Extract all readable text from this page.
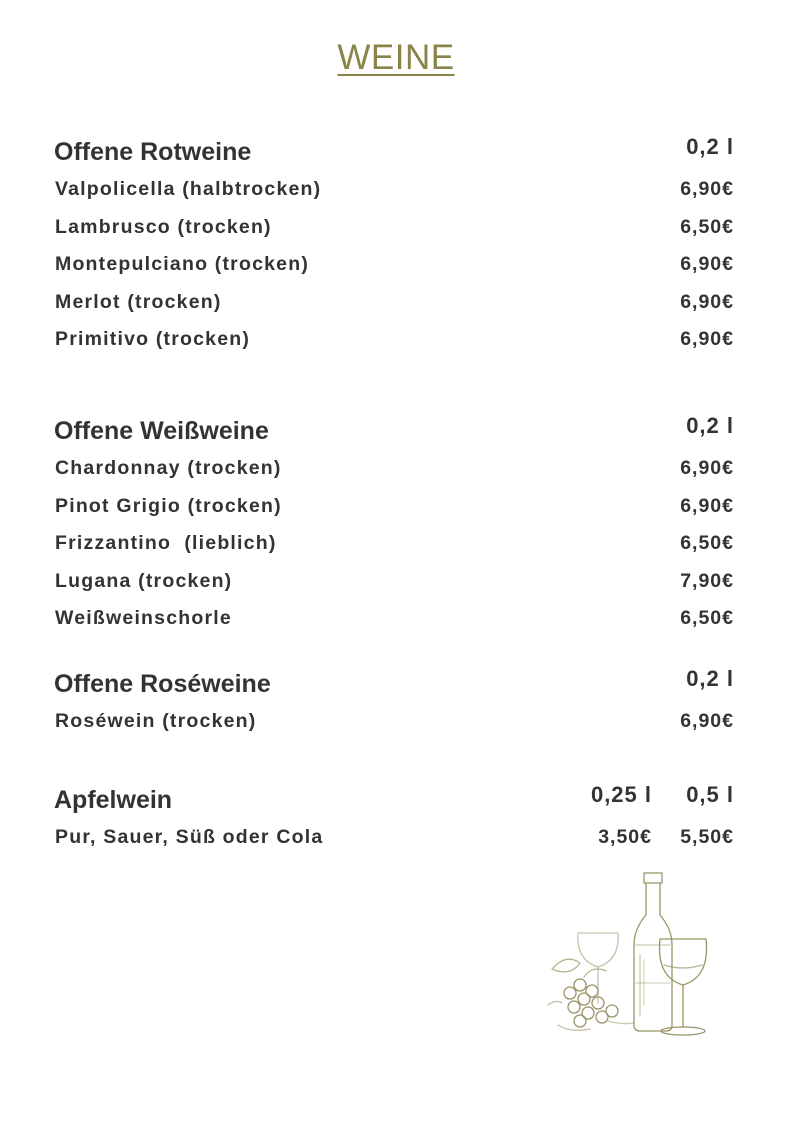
WEINE
Offene Rotweine	0,2 l
Valpolicella (halbtrocken)	6,90€
Lambrusco (trocken)	6,50€
Montepulciano (trocken)	6,90€
Merlot (trocken)	6,90€
Primitivo (trocken)	6,90€
Offene Weißweine	0,2 l
Chardonnay (trocken)	6,90€
Pinot Grigio (trocken)	6,90€
Frizzantino  (lieblich)	6,50€
Lugana (trocken)	7,90€
Weißweinschorle	6,50€
Offene Roséweine	0,2 l
Roséwein (trocken)	6,90€
Apfelwein	0,25 l 0,5 l
Pur, Sauer, Süß oder Cola	3,50€ 5,50€
